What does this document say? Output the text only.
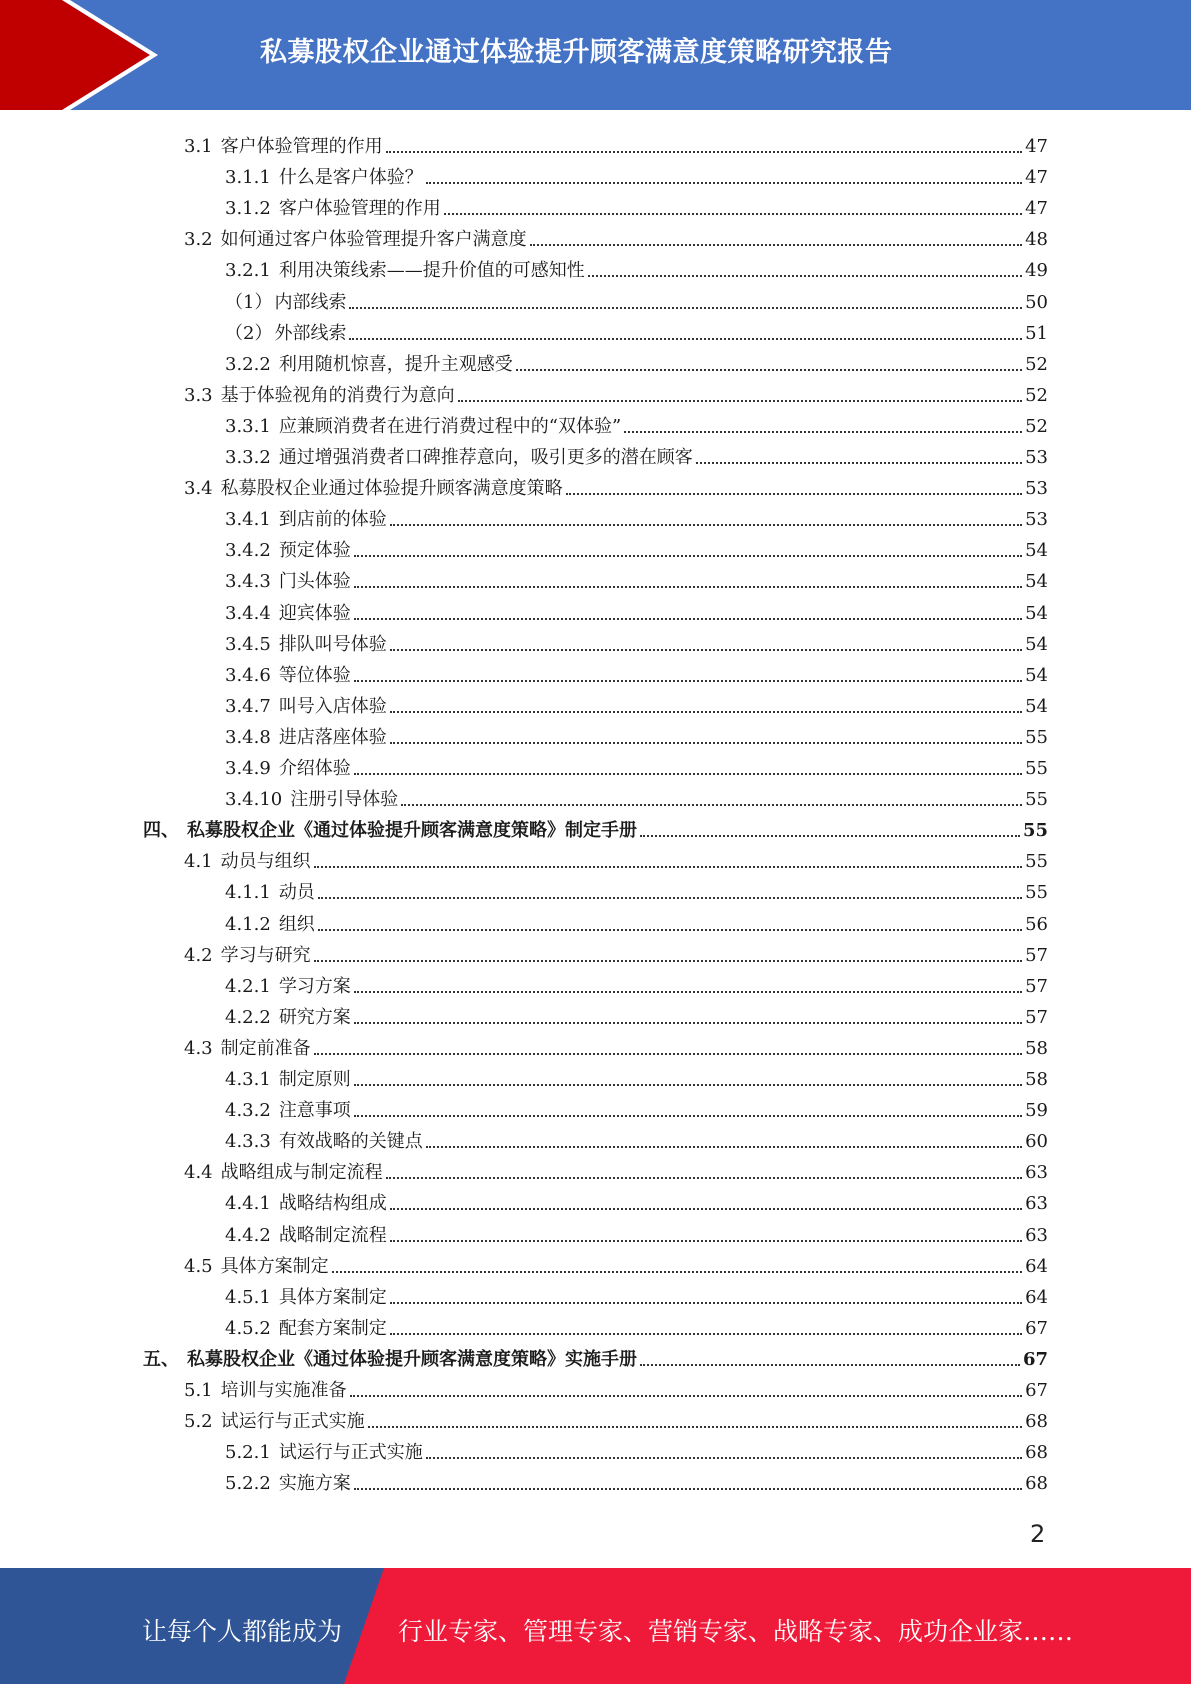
私募股权企业通过体验提升顾客满意度策略研究报告
3.1 客户体验管理的作用	47
3.1.1 什么是客户体验？	47
3.1.2 客户体验管理的作用	47
3.2 如何通过客户体验管理提升客户满意度	48
3.2.1 利用决策线索——提升价值的可感知性	49
（1） 内部线索	50
（2） 外部线索	51
3.2.2 利用随机惊喜，提升主观感受	52
3.3 基于体验视角的消费行为意向	52
3.3.1 应兼顾消费者在进行消费过程中的“双体验”	52
3.3.2 通过增强消费者口碑推荐意向，吸引更多的潜在顾客	53
3.4 私募股权企业通过体验提升顾客满意度策略	53
3.4.1 到店前的体验	53
3.4.2 预定体验	54
3.4.3 门头体验	54
3.4.4 迎宾体验	54
3.4.5 排队叫号体验	54
3.4.6 等位体验	54
3.4.7 叫号入店体验	54
3.4.8 进店落座体验	55
3.4.9 介绍体验	55
3.4.10 注册引导体验	55
四、 私募股权企业《通过体验提升顾客满意度策略》制定手册	55
4.1 动员与组织	55
4.1.1 动员	55
4.1.2 组织	56
4.2 学习与研究	57
4.2.1 学习方案	57
4.2.2 研究方案	57
4.3 制定前准备	58
4.3.1 制定原则	58
4.3.2 注意事项	59
4.3.3 有效战略的关键点	60
4.4 战略组成与制定流程	63
4.4.1 战略结构组成	63
4.4.2 战略制定流程	63
4.5 具体方案制定	64
4.5.1 具体方案制定	64
4.5.2 配套方案制定	67
五、 私募股权企业《通过体验提升顾客满意度策略》实施手册	67
5.1 培训与实施准备	67
5.2 试运行与正式实施	68
5.2.1 试运行与正式实施	68
5.2.2 实施方案	68
2
让每个人都能成为 行业专家、管理专家、营销专家、战略专家、成功企业家……
